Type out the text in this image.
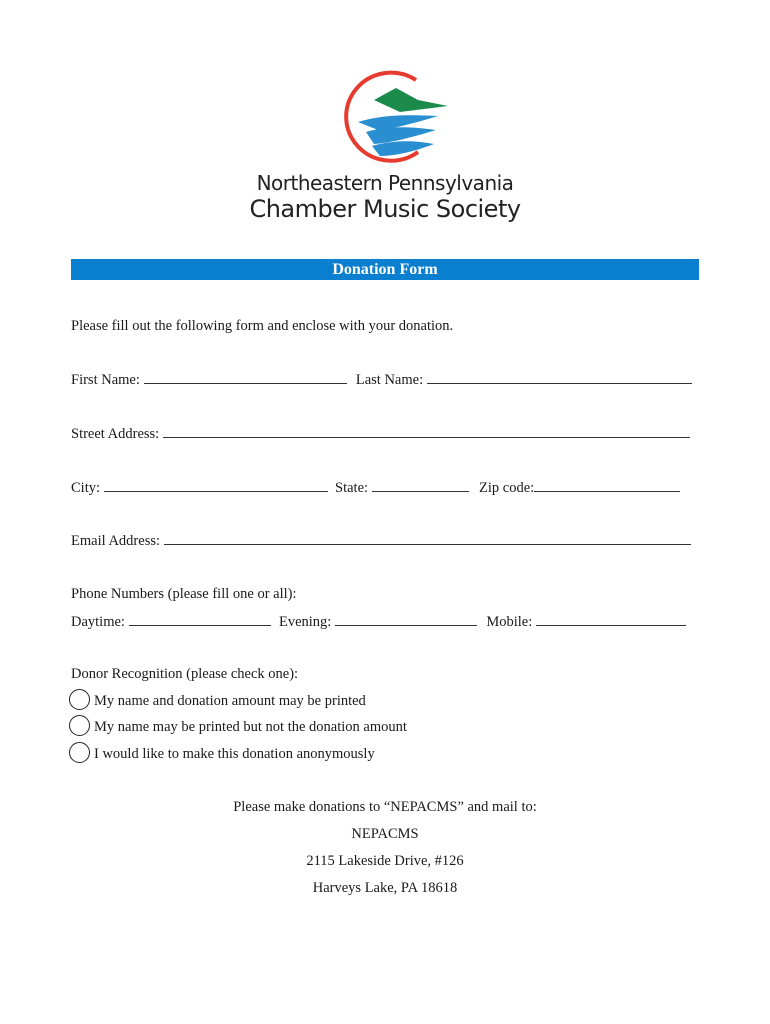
Northeastern Pennsylvania
Chamber Music Society
Donation Form
Please fill out the following form and enclose with your donation.
First Name:	Last Name:
Street Address:
City:	State:	Zip code:
Email Address:
Phone Numbers (please fill one or all):
Daytime:	Evening:	Mobile:
Donor Recognition (please check one):
My name and donation amount may be printed
My name may be printed but not the donation amount
I would like to make this donation anonymously
Please make donations to “NEPACMS” and mail to:
NEPACMS
2115 Lakeside Drive, #126
Harveys Lake, PA 18618
